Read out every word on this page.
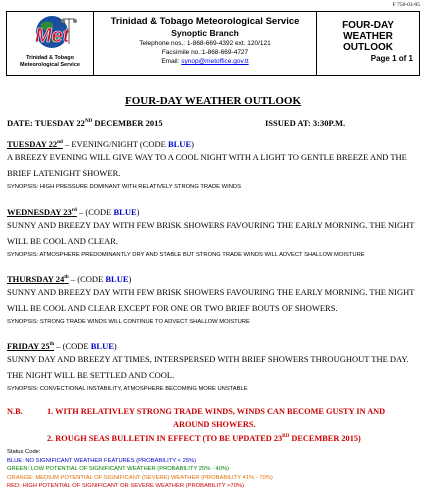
F 750-03-05
Met
Trinidad & Tobago
Meteorological Service
Trinidad & Tobago Meteorological Service
Synoptic Branch
Telephone nos.: 1-868-669-4392 ext. 120/121
Facsimile no.:1-868-669-4727
Email: synop@metoffice.gov.tt
FOUR-DAY WEATHER OUTLOOK
Page 1 of 1
FOUR-DAY WEATHER OUTLOOK
DATE: TUESDAY 22ND DECEMBER 2015	ISSUED AT: 3:30P.M.
TUESDAY 22nd – EVENING/NIGHT (CODE BLUE)
A BREEZY EVENING WILL GIVE WAY TO A COOL NIGHT WITH A LIGHT TO GENTLE BREEZE AND THE BRIEF LATENIGHT SHOWER.
SYNOPSIS: HIGH PRESSURE DOMINANT WITH RELATIVELY STRONG TRADE WINDS
WEDNESDAY 23rd – (CODE BLUE)
SUNNY AND BREEZY DAY WITH FEW BRISK SHOWERS FAVOURING THE EARLY MORNING. THE NIGHT WILL BE COOL AND CLEAR.
SYNOPSIS: ATMOSPHERE PREDOMINANTLY DRY AND STABLE BUT STRONG TRADE WINDS WILL ADVECT SHALLOW MOISTURE
THURSDAY 24th – (CODE BLUE)
SUNNY AND BREEZY DAY WITH FEW BRISK SHOWERS FAVOURING THE EARLY MORNING. THE NIGHT WILL BE COOL AND CLEAR EXCEPT FOR ONE OR TWO BRIEF BOUTS OF SHOWERS.
SYNOPSIS: STRONG TRADE WINDS WILL CONTINUE TO ADVECT SHALLOW MOISTURE
FRIDAY 25th – (CODE BLUE)
SUNNY DAY AND BREEZY AT TIMES, INTERSPERSED WITH BRIEF SHOWERS THROUGHOUT THE DAY. THE NIGHT WILL BE SETTLED AND COOL.
SYNOPSIS: CONVECTIONAL INSTABILITY, ATMOSPHERE BECOMING MORE UNSTABLE
N.B.	1. WITH RELATIVLEY STRONG TRADE WINDS, WINDS CAN BECOME GUSTY IN AND
AROUND SHOWERS.
2. ROUGH SEAS BULLETIN IN EFFECT (TO BE UPDATED 23RD DECEMBER 2015)
Status Code:
BLUE: NO SIGNIFICANT WEATHER FEATURES (PROBABILITY < 25%)
GREEN: LOW POTENTIAL OF SIGNIFICANT WEATHER (PROBABILITY 25% - 40%)
ORANGE: MEDIUM POTENTIAL OF SIGNIFICANT (SEVERE) WEATHER (PROBABILITY 41% - 70%)
RED: HIGH POTENTIAL OF SIGNIFICANT OR SEVERE WEATHER (PROBABILITY >70%)
